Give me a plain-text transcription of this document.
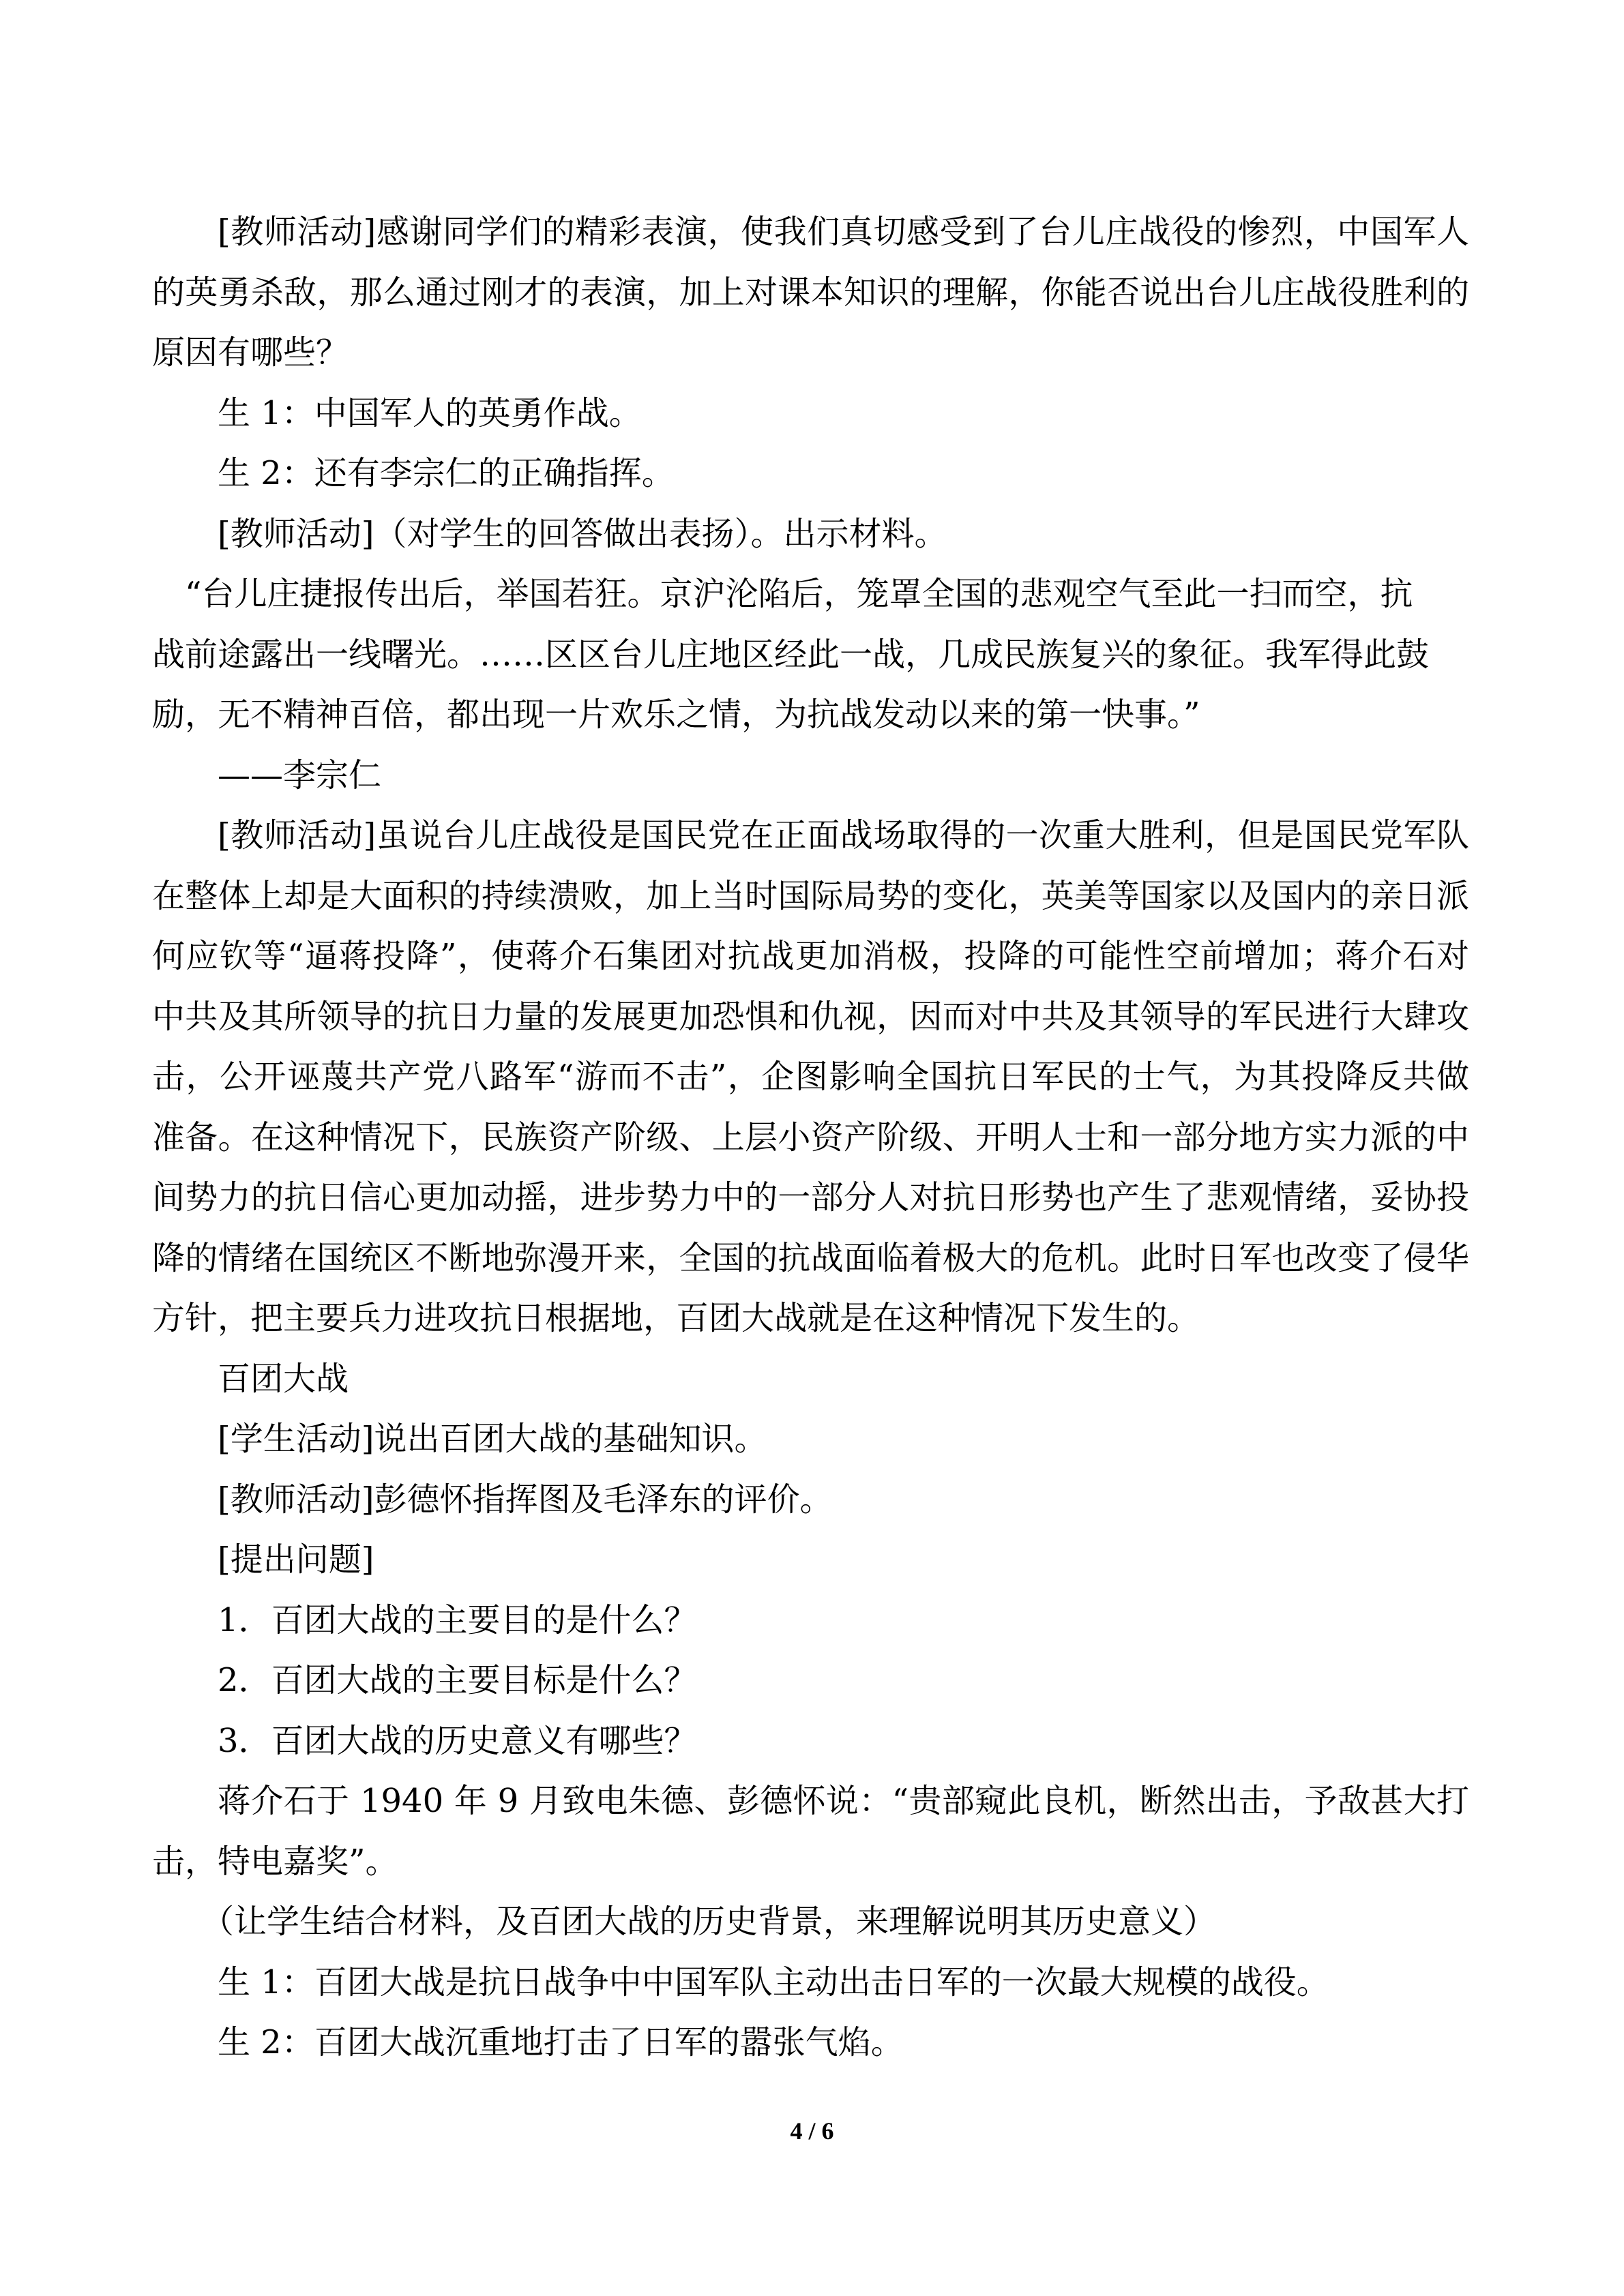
[教师活动]感谢同学们的精彩表演，使我们真切感受到了台儿庄战役的惨烈，中国军人
的英勇杀敌，那么通过刚才的表演，加上对课本知识的理解，你能否说出台儿庄战役胜利的
原因有哪些？
生 1：中国军人的英勇作战。
生 2：还有李宗仁的正确指挥。
[教师活动]（对学生的回答做出表扬）。出示材料。
“台儿庄捷报传出后，举国若狂。京沪沦陷后，笼罩全国的悲观空气至此一扫而空，抗
战前途露出一线曙光。……区区台儿庄地区经此一战，几成民族复兴的象征。我军得此鼓
励，无不精神百倍，都出现一片欢乐之情，为抗战发动以来的第一快事。”
——李宗仁
[教师活动]虽说台儿庄战役是国民党在正面战场取得的一次重大胜利，但是国民党军队
在整体上却是大面积的持续溃败，加上当时国际局势的变化，英美等国家以及国内的亲日派
何应钦等“逼蒋投降”，使蒋介石集团对抗战更加消极，投降的可能性空前增加；蒋介石对
中共及其所领导的抗日力量的发展更加恐惧和仇视，因而对中共及其领导的军民进行大肆攻
击，公开诬蔑共产党八路军“游而不击”，企图影响全国抗日军民的士气，为其投降反共做
准备。在这种情况下，民族资产阶级、上层小资产阶级、开明人士和一部分地方实力派的中
间势力的抗日信心更加动摇，进步势力中的一部分人对抗日形势也产生了悲观情绪，妥协投
降的情绪在国统区不断地弥漫开来，全国的抗战面临着极大的危机。此时日军也改变了侵华
方针，把主要兵力进攻抗日根据地，百团大战就是在这种情况下发生的。
百团大战
[学生活动]说出百团大战的基础知识。
[教师活动]彭德怀指挥图及毛泽东的评价。
[提出问题]
1．百团大战的主要目的是什么？
2．百团大战的主要目标是什么？
3．百团大战的历史意义有哪些？
蒋介石于 1940 年 9 月致电朱德、彭德怀说：“贵部窥此良机，断然出击，予敌甚大打
击，特电嘉奖”。
（让学生结合材料，及百团大战的历史背景，来理解说明其历史意义）
生 1：百团大战是抗日战争中中国军队主动出击日军的一次最大规模的战役。
生 2：百团大战沉重地打击了日军的嚣张气焰。
4 / 6
